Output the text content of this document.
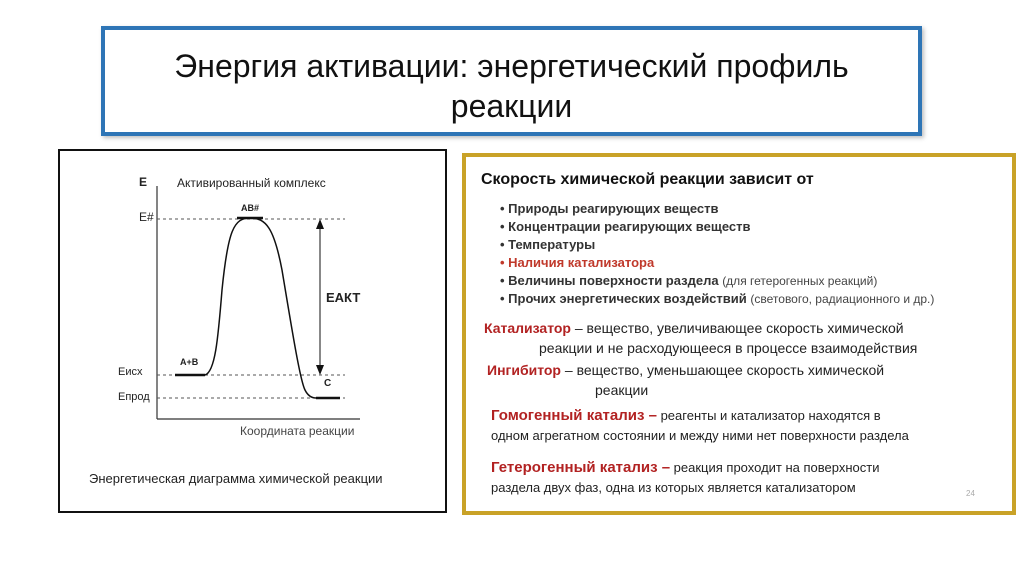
Энергия активации: энергетический профиль
реакции
E Активированный комплекс
E#
AB#
EАКТ
A+B
Eисх
Eпрод
C
Координата реакции
Энергетическая диаграмма химической реакции
Скорость химической реакции зависит от
• Природы реагирующих веществ
• Концентрации реагирующих веществ
• Температуры
• Наличия катализатора
• Величины поверхности раздела (для гетерогенных реакций)
• Прочих энергетических воздействий (светового, радиационного и др.)
Катализатор – вещество, увеличивающее скорость химической
реакции и не расходующееся в процессе взаимодействия
Ингибитор – вещество, уменьшающее скорость химической
реакции
Гомогенный катализ – реагенты и катализатор находятся в
одном агрегатном состоянии и между ними нет поверхности раздела
Гетерогенный катализ – реакция проходит на поверхности
раздела двух фаз, одна из которых является катализатором	24
